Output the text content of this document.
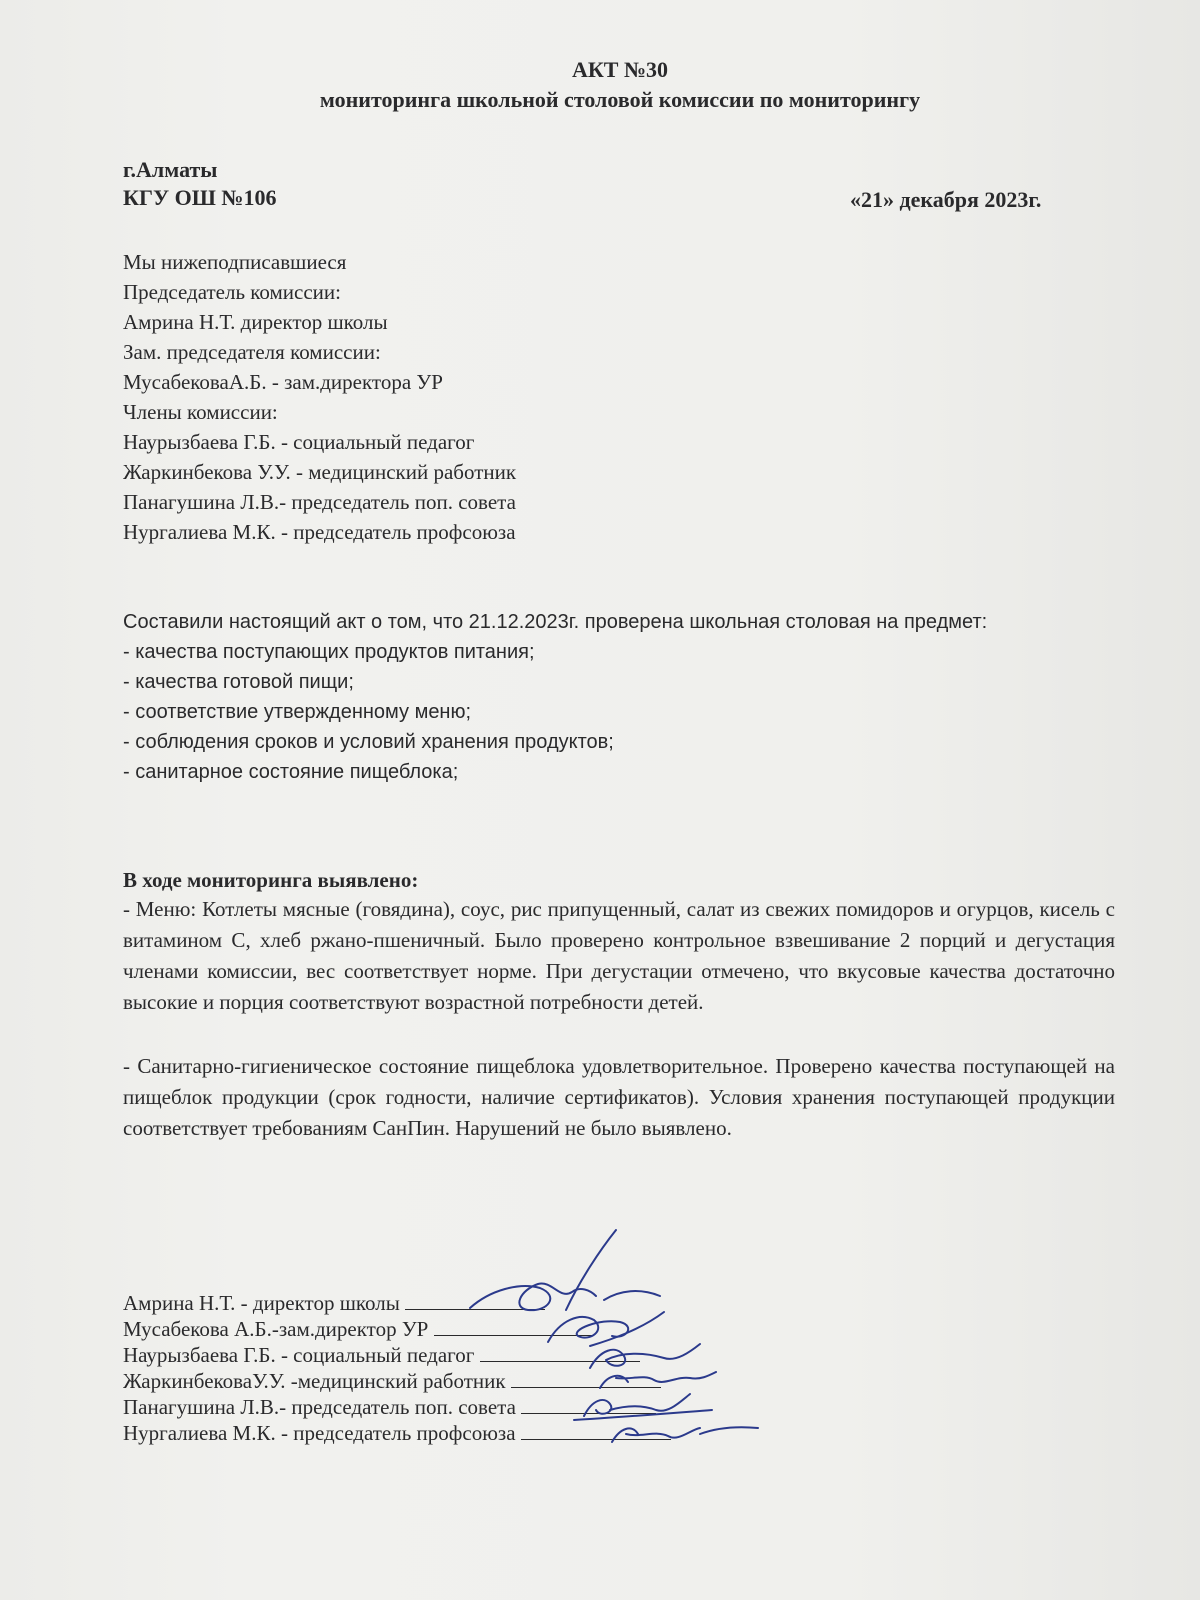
АКТ №30
мониторинга школьной столовой комиссии по мониторингу
г.Алматы
КГУ ОШ №106	«21» декабря 2023г.
Мы нижеподписавшиеся
Председатель комиссии:
Амрина Н.Т. директор школы
Зам. председателя комиссии:
МусабековаА.Б. - зам.директора УР
Члены комиссии:
Наурызбаева Г.Б. - социальный педагог
Жаркинбекова У.У. - медицинский работник
Панагушина Л.В.- председатель поп. совета
Нургалиева М.К. - председатель профсоюза
Составили настоящий акт о том, что 21.12.2023г. проверена школьная столовая на предмет:
- качества поступающих продуктов питания;
- качества готовой пищи;
- соответствие утвержденному меню;
- соблюдения сроков и условий хранения продуктов;
- санитарное состояние пищеблока;
В ходе мониторинга выявлено:
- Меню: Котлеты мясные (говядина), соус, рис припущенный, салат из свежих помидоров и огурцов, кисель с витамином С, хлеб ржано-пшеничный. Было проверено контрольное взвешивание 2 порций и дегустация членами комиссии, вес соответствует норме. При дегустации отмечено, что вкусовые качества достаточно высокие и порция соответствуют возрастной потребности детей.
- Санитарно-гигиеническое состояние пищеблока удовлетворительное. Проверено качества поступающей на пищеблок продукции (срок годности, наличие сертификатов). Условия хранения поступающей продукции соответствует требованиям СанПин. Нарушений не было выявлено.
Амрина Н.Т. - директор школы
Мусабекова А.Б.-зам.директор УР
Наурызбаева Г.Б. - социальный педагог
ЖаркинбековаУ.У. -медицинский работник
Панагушина Л.В.- председатель поп. совета
Нургалиева М.К. - председатель профсоюза
